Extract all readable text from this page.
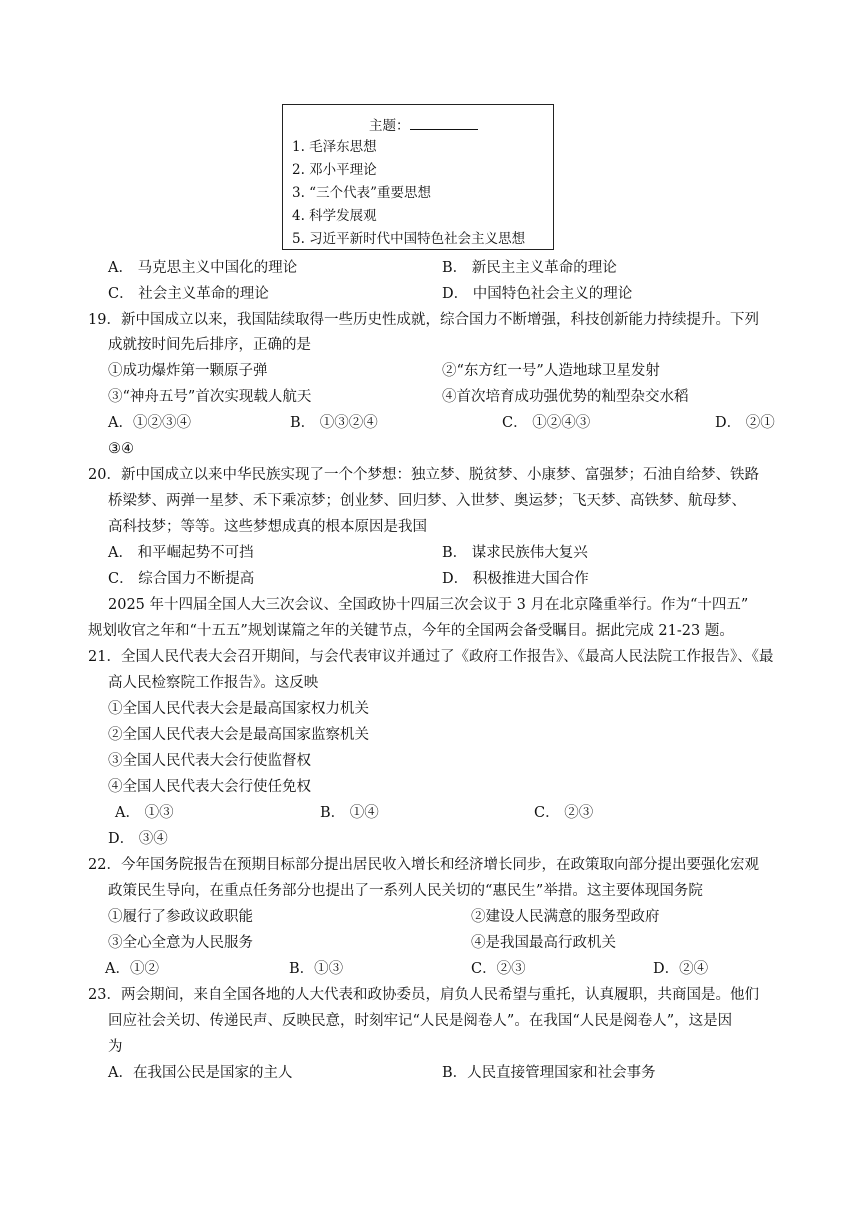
主题：
1. 毛泽东思想
2. 邓小平理论
3. “三个代表”重要思想
4. 科学发展观
5. 习近平新时代中国特色社会主义思想
A． 马克思主义中国化的理论	B． 新民主主义革命的理论
C． 社会主义革命的理论	D． 中国特色社会主义的理论
19．新中国成立以来，我国陆续取得一些历史性成就，综合国力不断增强，科技创新能力持续提升。下列
成就按时间先后排序，正确的是
①成功爆炸第一颗原子弹	②“东方红一号”人造地球卫星发射
③“神舟五号”首次实现载人航天	④首次培育成功强优势的籼型杂交水稻
A．①②③④	B． ①③②④	C． ①②④③	D． ②①
③④
20．新中国成立以来中华民族实现了一个个梦想：独立梦、脱贫梦、小康梦、富强梦；石油自给梦、铁路
桥梁梦、两弹一星梦、禾下乘凉梦；创业梦、回归梦、入世梦、奥运梦；飞天梦、高铁梦、航母梦、
高科技梦；等等。这些梦想成真的根本原因是我国
A． 和平崛起势不可挡	B． 谋求民族伟大复兴
C． 综合国力不断提高	D． 积极推进大国合作
2025 年十四届全国人大三次会议、全国政协十四届三次会议于 3 月在北京隆重举行。作为“十四五”
规划收官之年和“十五五”规划谋篇之年的关键节点，今年的全国两会备受瞩目。据此完成 21-23 题。
21．全国人民代表大会召开期间，与会代表审议并通过了《政府工作报告》、《最高人民法院工作报告》、《最
高人民检察院工作报告》。这反映
①全国人民代表大会是最高国家权力机关
②全国人民代表大会是最高国家监察机关
③全国人民代表大会行使监督权
④全国人民代表大会行使任免权
A． ①③	B． ①④	C． ②③
D． ③④
22．今年国务院报告在预期目标部分提出居民收入增长和经济增长同步，在政策取向部分提出要强化宏观
政策民生导向，在重点任务部分也提出了一系列人民关切的“惠民生”举措。这主要体现国务院
①履行了参政议政职能	②建设人民满意的服务型政府
③全心全意为人民服务	④是我国最高行政机关
A．①②	B．①③	C．②③	D．②④
23．两会期间，来自全国各地的人大代表和政协委员，肩负人民希望与重托，认真履职，共商国是。他们
回应社会关切、传递民声、反映民意，时刻牢记“人民是阅卷人”。在我国“人民是阅卷人”，这是因
为
A．在我国公民是国家的主人	B．人民直接管理国家和社会事务
